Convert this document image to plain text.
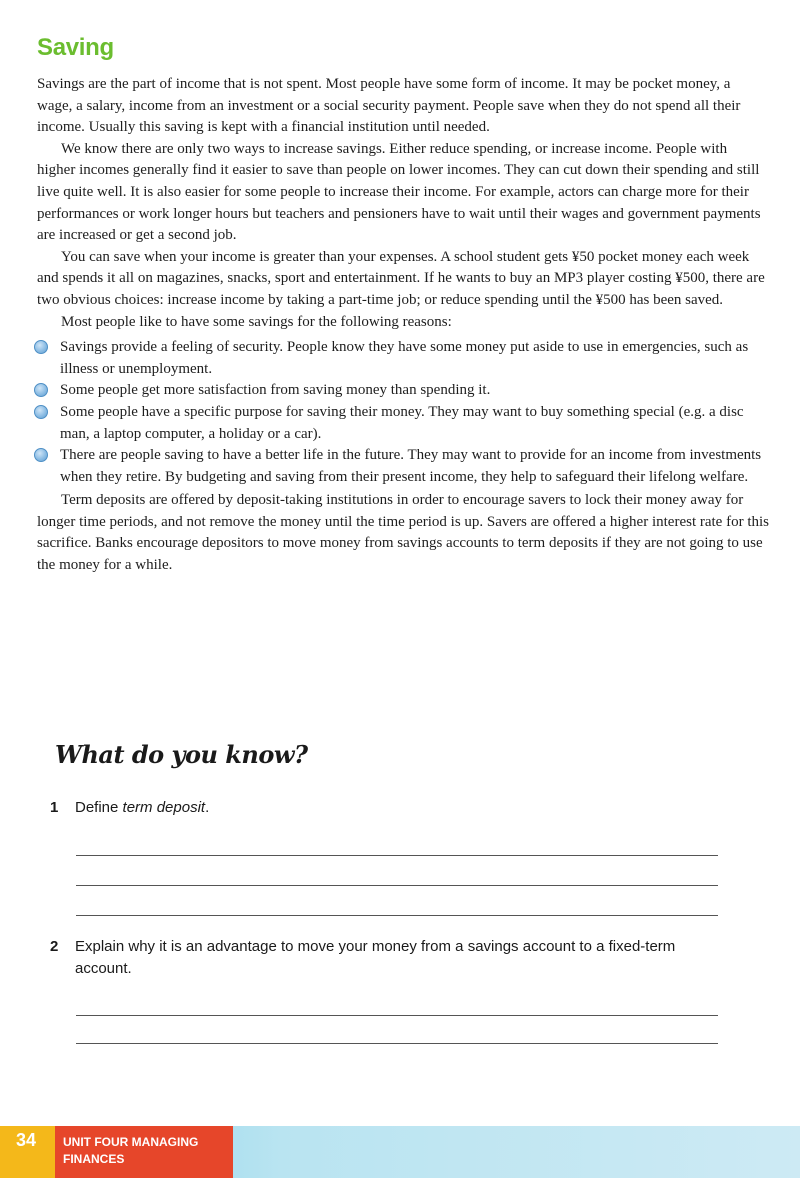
Saving

Savings are the part of income that is not spent. Most people have some form of income. It may be pocket money, a wage, a salary, income from an investment or a social security payment. People save when they do not spend all their income. Usually this saving is kept with a financial institution until needed.

We know there are only two ways to increase savings. Either reduce spending, or increase income. People with higher incomes generally find it easier to save than people on lower incomes. They can cut down their spending and still live quite well. It is also easier for some people to increase their income. For example, actors can charge more for their performances or work longer hours but teachers and pensioners have to wait until their wages and government payments are increased or get a second job.

You can save when your income is greater than your expenses. A school student gets ¥50 pocket money each week and spends it all on magazines, snacks, sport and entertainment. If he wants to buy an MP3 player costing ¥500, there are two obvious choices: increase income by taking a part-time job; or reduce spending until the ¥500 has been saved.

Most people like to have some savings for the following reasons:

Savings provide a feeling of security. People know they have some money put aside to use in emergencies, such as illness or unemployment.
Some people get more satisfaction from saving money than spending it.
Some people have a specific purpose for saving their money. They may want to buy something special (e.g. a disc man, a laptop computer, a holiday or a car).
There are people saving to have a better life in the future. They may want to provide for an income from investments when they retire. By budgeting and saving from their present income, they help to safeguard their lifelong welfare.

Term deposits are offered by deposit-taking institutions in order to encourage savers to lock their money away for longer time periods, and not remove the money until the time period is up. Savers are offered a higher interest rate for this sacrifice. Banks encourage depositors to move money from savings accounts to term deposits if they are not going to use the money for a while.

What do you know?
1 Define term deposit.
2 Explain why it is an advantage to move your money from a savings account to a fixed-term account.
34 UNIT FOUR MANAGING FINANCES
